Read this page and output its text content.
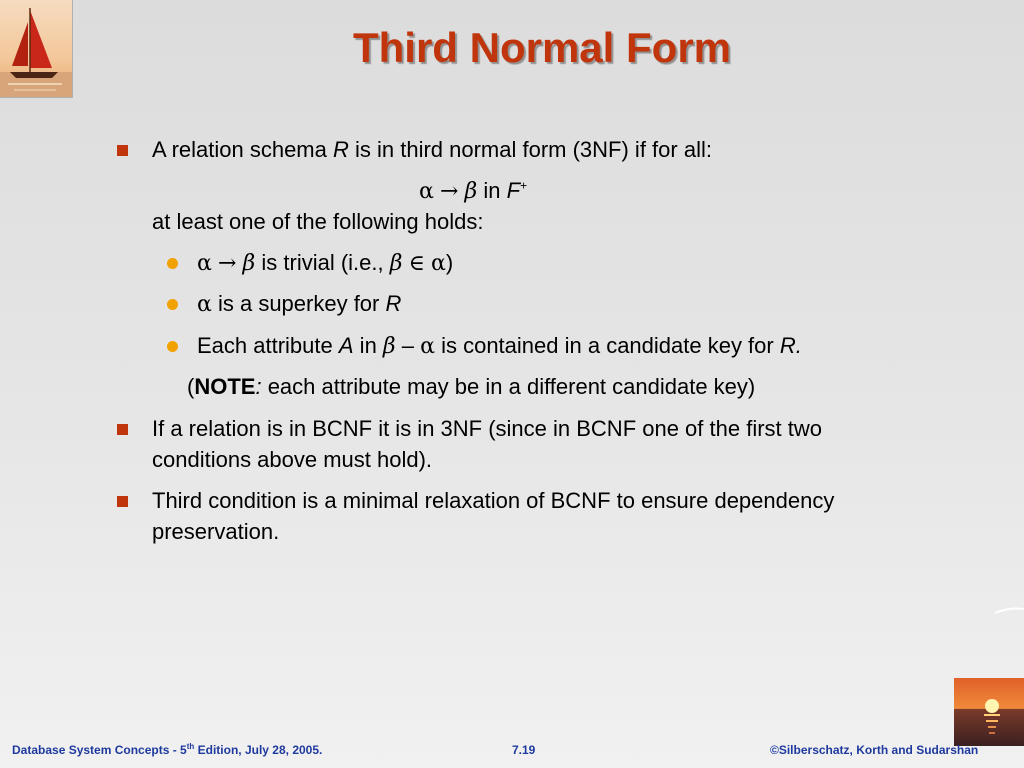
Third Normal Form
A relation schema R is in third normal form (3NF) if for all:
α → β in F+
at least one of the following holds:
α → β is trivial (i.e., β ∈ α)
α is a superkey for R
Each attribute A in β – α is contained in a candidate key for R.
(NOTE: each attribute may be in a different candidate key)
If a relation is in BCNF it is in 3NF (since in BCNF one of the first two
conditions above must hold).
Third condition is a minimal relaxation of BCNF to ensure dependency
preservation.
Database System Concepts - 5th Edition, July 28, 2005.	7.19	©Silberschatz, Korth and Sudarshan
